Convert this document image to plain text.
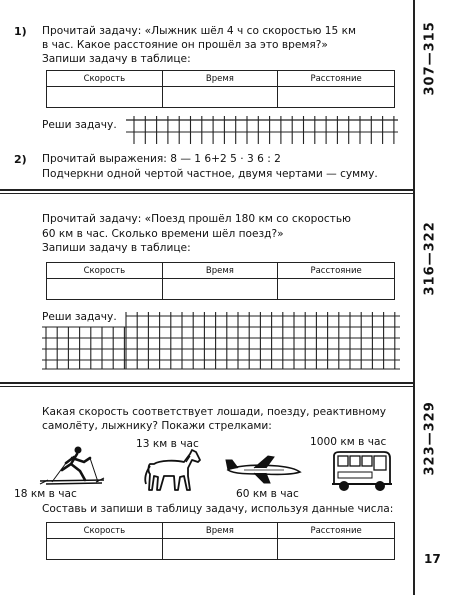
307—315
316—322
323—329
1) Прочитай задачу: «Лыжник шёл 4 ч со скоростью 15 км
в час. Какое расстояние он прошёл за это время?»
Запиши задачу в таблице:
Скорость	Время	Расстояние

Реши задачу.
2) Прочитай выражения: 8 — 1 6+2 5 · 3 6 : 2
Подчеркни одной чертой частное, двумя чертами — сумму.
Прочитай задачу: «Поезд прошёл 180 км со скоростью
60 км в час. Сколько времени шёл поезд?»
Запиши задачу в таблице:
Скорость	Время	Расстояние

Реши задачу.
Какая скорость соответствует лошади, поезду, реактивному
самолёту, лыжнику? Покажи стрелками:
13 км в час	1000 км в час
18 км в час	60 км в час
Составь и запиши в таблицу задачу, используя данные числа:
Скорость	Время	Расстояние

17
